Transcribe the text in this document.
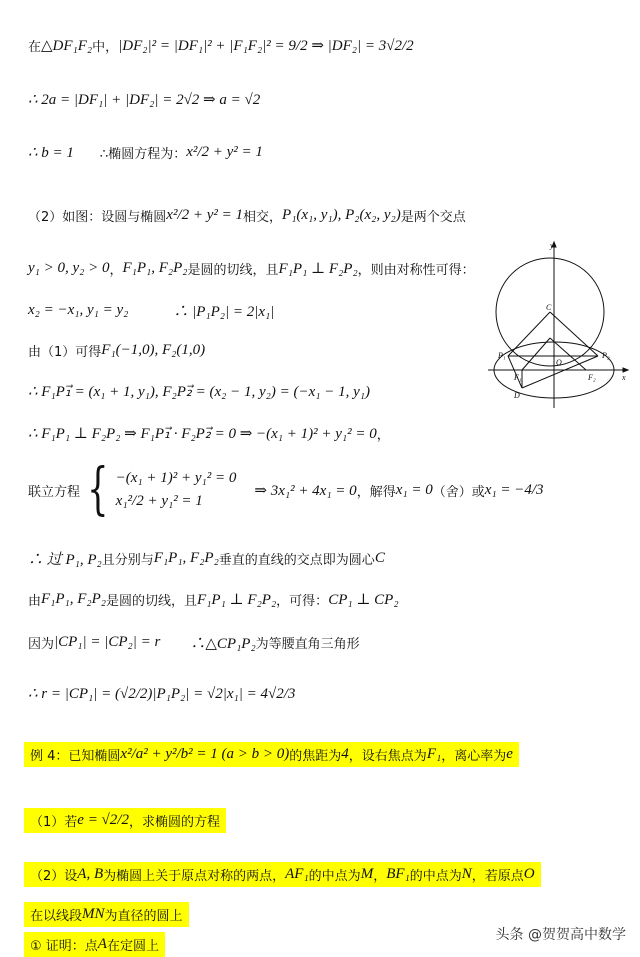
在 △DF₁F₂ 中， |DF₂|² = |DF₁|² + |F₁F₂|² = 9/2 ⇒ |DF₂| = 3√2/2
∴ 2a = |DF₁| + |DF₂| = 2√2 ⇒ a = √2
∴ b = 1 　　∴椭圆方程为： x²/2 + y² = 1
（2）如图：设圆与椭圆 x²/2 + y² = 1 相交， P₁(x₁, y₁), P₂(x₂, y₂) 是两个交点
y₁ > 0, y₂ > 0 ， F₁P₁, F₂P₂ 是圆的切线，且 F₁P₁ ⊥ F₂P₂ ，则由对称性可得：
x₂ = −x₁, y₁ = y₂ 　　　∴ |P₁P₂| = 2|x₁|
由（1）可得 F₁(−1,0), F₂(1,0)
∴ F₁P₁⃗ = (x₁ + 1, y₁), F₂P₂⃗ = (x₂ − 1, y₂) = (−x₁ − 1, y₁)
∴ F₁P₁ ⊥ F₂P₂ ⇒ F₁P₁⃗ · F₂P₂⃗ = 0 ⇒ −(x₁ + 1)² + y₁² = 0 ，
联立方程 { −(x₁ + 1)² + y₁² = 0
x₁²/2 + y₁² = 1
⇒ 3x₁² + 4x₁ = 0 ，解得 x₁ = 0 （舍）或 x₁ = −4/3
∴ 过 P₁, P₂ 且分别与 F₁P₁, F₂P₂ 垂直的直线的交点即为圆心 C
由 F₁P₁, F₂P₂ 是圆的切线，且 F₁P₁ ⊥ F₂P₂ ，可得： CP₁ ⊥ CP₂
因为 |CP₁| = |CP₂| = r 　　∴△CP₁P₂ 为等腰直角三角形
∴ r = |CP₁| = (√2/2)|P₁P₂| = √2|x₁| = 4√2/3
例 4：已知椭圆 x²/a² + y²/b² = 1 (a > b > 0) 的焦距为 4 ，设右焦点为 F₁ ，离心率为 e
（1）若 e = √2/2 ，求椭圆的方程
（2）设 A, B 为椭圆上关于原点对称的两点， AF₁ 的中点为 M ， BF₁ 的中点为 N ，若原点 O
在以线段 MN 为直径的圆上
① 证明：点 A 在定圆上
y
x
C
O
P₁	P₂
F₁	F₂
D
头条 @贺贺高中数学
